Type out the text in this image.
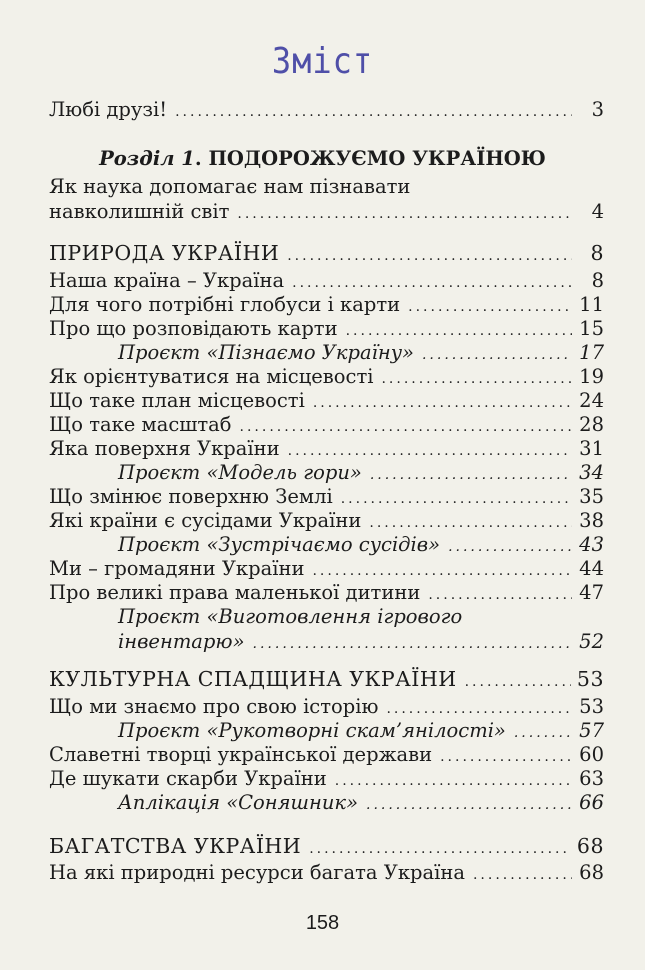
Зміст
Любі друзі! .....	3
Розділ 1. ПОДОРОЖУЄМО УКРАЇНОЮ
Як наука допомагає нам пізнавати
навколишній світ .....	4
ПРИРОДА УКРАЇНИ .....	8
Наша країна – Україна .....	8
Для чого потрібні глобуси і карти .....	11
Про що розповідають карти .....	15
Проєкт «Пізнаємо Україну» .....	17
Як орієнтуватися на місцевості .....	19
Що таке план місцевості .....	24
Що таке масштаб .....	28
Яка поверхня України .....	31
Проєкт «Модель гори» .....	34
Що змінює поверхню Землі .....	35
Які країни є сусідами України .....	38
Проєкт «Зустрічаємо сусідів» .....	43
Ми – громадяни України .....	44
Про великі права маленької дитини .....	47
Проєкт «Виготовлення ігрового
інвентарю» .....	52
КУЛЬТУРНА СПАДЩИНА УКРАЇНИ .....	53
Що ми знаємо про свою історію .....	53
Проєкт «Рукотворні скам’янілості» .....	57
Славетні творці української держави .....	60
Де шукати скарби України .....	63
Аплікація «Соняшник» .....	66
БАГАТСТВА УКРАЇНИ .....	68
На які природні ресурси багата Україна .....	68
158
